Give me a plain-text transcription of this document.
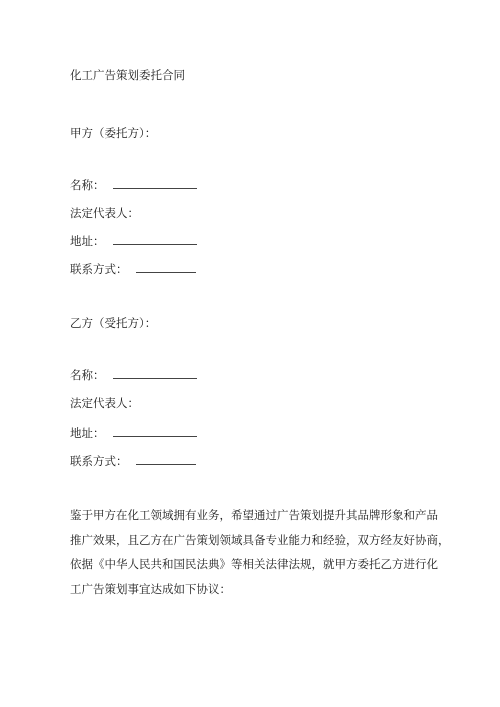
化工广告策划委托合同
甲方（委托方）：
名称：
法定代表人：
地址：
联系方式：
乙方（受托方）：
名称：
法定代表人：
地址：
联系方式：
鉴于甲方在化工领域拥有业务，希望通过广告策划提升其品牌形象和产品
推广效果，且乙方在广告策划领域具备专业能力和经验，双方经友好协商，
依据《中华人民共和国民法典》等相关法律法规，就甲方委托乙方进行化
工广告策划事宜达成如下协议：
